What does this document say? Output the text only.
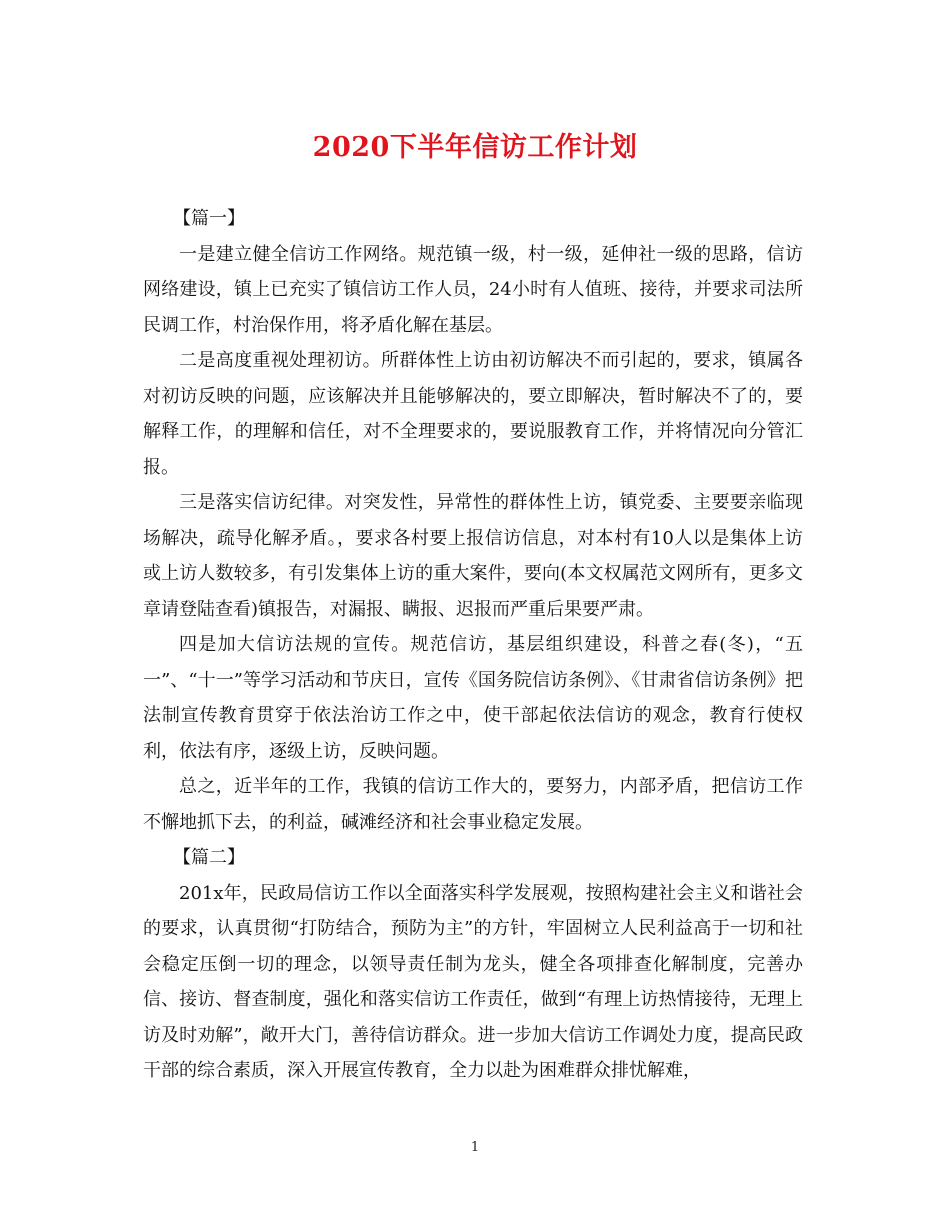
2020下半年信访工作计划

【篇一】

一是建立健全信访工作网络。规范镇一级，村一级，延伸社一级的思路，信访网络建设，镇上已充实了镇信访工作人员，24小时有人值班、接待，并要求司法所民调工作，村治保作用，将矛盾化解在基层。

二是高度重视处理初访。所群体性上访由初访解决不而引起的，要求，镇属各对初访反映的问题，应该解决并且能够解决的，要立即解决，暂时解决不了的，要解释工作，的理解和信任，对不全理要求的，要说服教育工作，并将情况向分管汇报。

三是落实信访纪律。对突发性，异常性的群体性上访，镇党委、主要要亲临现场解决，疏导化解矛盾。，要求各村要上报信访信息，对本村有10人以是集体上访或上访人数较多，有引发集体上访的重大案件，要向(本文权属范文网所有，更多文章请登陆查看)镇报告，对漏报、瞒报、迟报而严重后果要严肃。

四是加大信访法规的宣传。规范信访，基层组织建设，科普之春(冬)，“五一”、“十一”等学习活动和节庆日，宣传《国务院信访条例》、《甘肃省信访条例》把法制宣传教育贯穿于依法治访工作之中，使干部起依法信访的观念，教育行使权利，依法有序，逐级上访，反映问题。

总之，近半年的工作，我镇的信访工作大的，要努力，内部矛盾，把信访工作不懈地抓下去，的利益，碱滩经济和社会事业稳定发展。

【篇二】

201x年，民政局信访工作以全面落实科学发展观，按照构建社会主义和谐社会的要求，认真贯彻“打防结合，预防为主”的方针，牢固树立人民利益高于一切和社会稳定压倒一切的理念，以领导责任制为龙头，健全各项排查化解制度，完善办信、接访、督查制度，强化和落实信访工作责任，做到“有理上访热情接待，无理上访及时劝解”，敞开大门，善待信访群众。进一步加大信访工作调处力度，提高民政干部的综合素质，深入开展宣传教育，全力以赴为困难群众排忧解难，

1
